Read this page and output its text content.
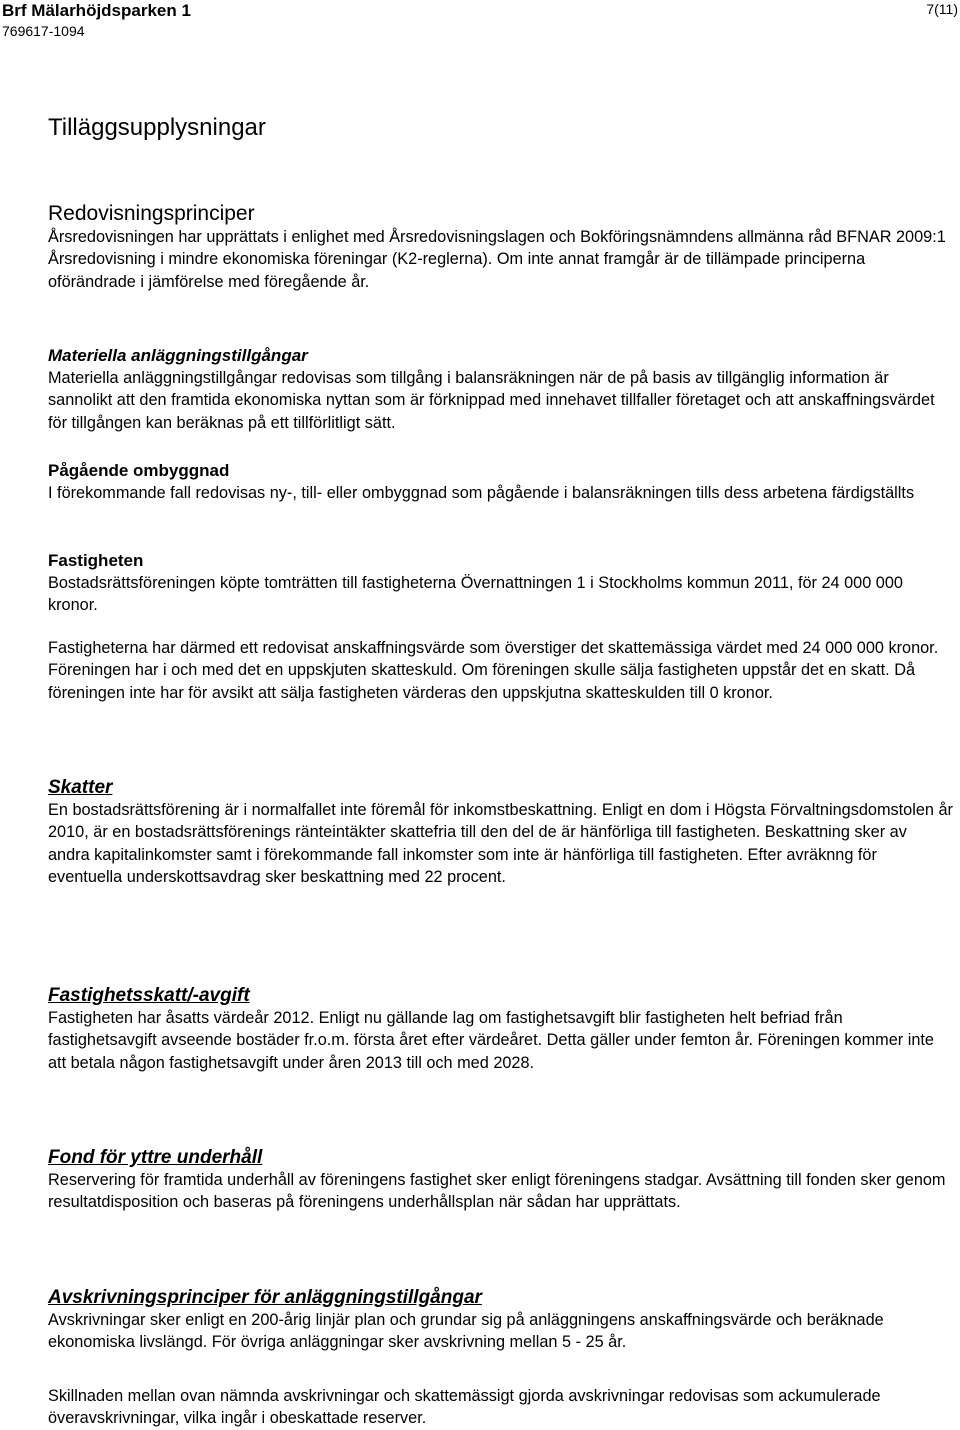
Brf Mälarhöjdsparken 1
769617-1094
7(11)
Tilläggsupplysningar
Redovisningsprinciper

Årsredovisningen har upprättats i enlighet med Årsredovisningslagen och Bokföringsnämndens allmänna råd BFNAR 2009:1 Årsredovisning i mindre ekonomiska föreningar (K2-reglerna). Om inte annat framgår är de tillämpade principerna oförändrade i jämförelse med föregående år.

Materiella anläggningstillgångar

Materiella anläggningstillgångar redovisas som tillgång i balansräkningen när de på basis av tillgänglig information är sannolikt att den framtida ekonomiska nyttan som är förknippad med innehavet tillfaller företaget och att anskaffningsvärdet för tillgången kan beräknas på ett tillförlitligt sätt.

Pågående ombyggnad

I förekommande fall redovisas ny-, till- eller ombyggnad som pågående i balansräkningen tills dess arbetena färdigställts

Fastigheten

Bostadsrättsföreningen köpte tomträtten till fastigheterna Övernattningen 1 i Stockholms kommun 2011, för 24 000 000 kronor.

Fastigheterna har därmed ett redovisat anskaffningsvärde som överstiger det skattemässiga värdet med 24 000 000 kronor. Föreningen har i och med det en uppskjuten skatteskuld. Om föreningen skulle sälja fastigheten uppstår det en skatt. Då föreningen inte har för avsikt att sälja fastigheten värderas den uppskjutna skatteskulden till 0 kronor.

Skatter

En bostadsrättsförening är i normalfallet inte föremål för inkomstbeskattning. Enligt en dom i Högsta Förvaltningsdomstolen år 2010, är en bostadsrättsförenings ränteintäkter skattefria till den del de är hänförliga till fastigheten. Beskattning sker av andra kapitalinkomster samt i förekommande fall inkomster som inte är hänförliga till fastigheten. Efter avräknng för eventuella underskottsavdrag sker beskattning med 22 procent.

Fastighetsskatt/-avgift

Fastigheten har åsatts värdeår 2012. Enligt nu gällande lag om fastighetsavgift blir fastigheten helt befriad från fastighetsavgift avseende bostäder fr.o.m. första året efter värdeåret. Detta gäller under femton år. Föreningen kommer inte att betala någon fastighetsavgift under åren 2013 till och med 2028.

Fond för yttre underhåll

Reservering för framtida underhåll av föreningens fastighet sker enligt föreningens stadgar. Avsättning till fonden sker genom resultatdisposition och baseras på föreningens underhållsplan när sådan har upprättats.

Avskrivningsprinciper för anläggningstillgångar

Avskrivningar sker enligt en 200-årig linjär plan och grundar sig på anläggningens anskaffningsvärde och beräknade ekonomiska livslängd. För övriga anläggningar sker avskrivning mellan 5 - 25 år.

Skillnaden mellan ovan nämnda avskrivningar och skattemässigt gjorda avskrivningar redovisas som ackumulerade överavskrivningar, vilka ingår i obeskattade reserver.
